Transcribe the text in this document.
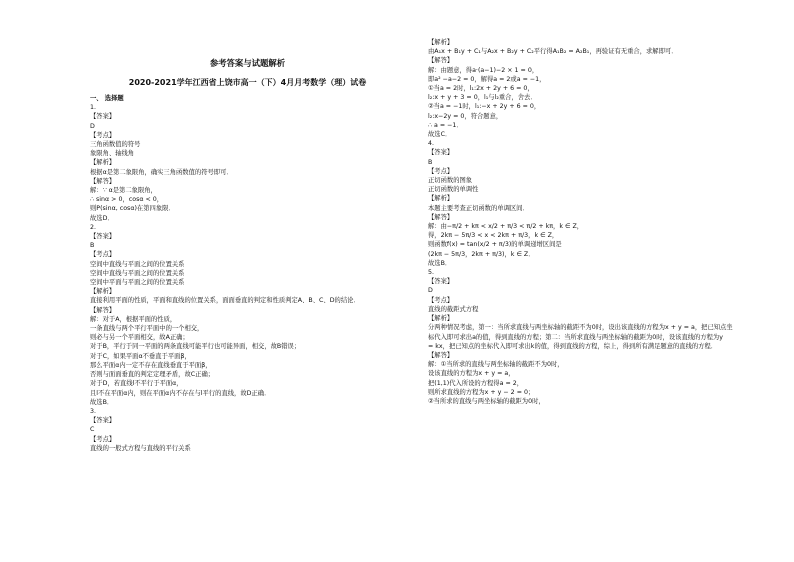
参考答案与试题解析
2020-2021学年江西省上饶市高一（下）4月月考数学（理）试卷
一、 选择题
1.
【答案】
D
【考点】
三角函数值的符号
象限角、轴线角
【解析】
根据α是第二象限角，确实三角函数值的符号即可．
【解答】
解：∵ α是第二象限角，
∴ sinα > 0，cosα < 0，
则P(sinα, cosα)在第四象限．
故选D．
2.
【答案】
B
【考点】
空间中直线与平面之间的位置关系
空间中直线与平面之间的位置关系
空间中平面与平面之间的位置关系
【解析】
直接利用平面的性质，平面和直线的位置关系，面面垂直的判定和性质判定A、B、C、D的结论．
【解答】
解：对于A，根据平面的性质，
一条直线与两个平行平面中的一个相交，
则必与另一个平面相交，故A正确；
对于B，平行于同一平面的两条直线可能平行也可能异面，相交，故B错误；
对于C，如果平面α不垂直于平面β，
那么平面α内一定不存在直线垂直于平面β，
否则与面面垂直的判定定理矛盾，故C正确；
对于D，若直线l不平行于平面α，
且l不在平面α内，则在平面α内不存在与l平行的直线，故D正确．
故选B．
3.
【答案】
C
【考点】
直线的一般式方程与直线的平行关系
【解析】
由A₁x + B₁y + C₁与A₂x + B₂y + C₂平行得A₁B₂ = A₂B₁，再验证有无重合，求解即可．
【解答】
解：由题意，得a·(a−1)−2 × 1 = 0，
即a² −a−2 = 0，解得a = 2或a = −1，
①当a = 2时，l₁:2x + 2y + 6 = 0，
l₂:x + y + 3 = 0，l₁与l₂重合，舍去．
②当a = −1时，l₁:−x + 2y + 6 = 0，
l₂:x−2y = 0，符合题意，
∴ a = −1．
故选C．
4.
【答案】
B
【考点】
正切函数的图象
正切函数的单调性
【解析】
本题主要考查正切函数的单调区间．
【解答】
解：由−π/2 + kπ < x/2 + π/3 < π/2 + kπ，k ∈ Z，
得，2kπ − 5π/3 < x < 2kπ + π/3，k ∈ Z，
则函数f(x) = tan(x/2 + π/3)的单调递增区间是
(2kπ − 5π/3，2kπ + π/3)，k ∈ Z．
故选B．
5.
【答案】
D
【考点】
直线的截距式方程
【解析】
分两种情况考虑，第一：当所求直线与两坐标轴的截距不为0时，设出该直线的方程为x + y = a，把已知点坐
标代入即可求出a的值，得到直线的方程；第二：当所求直线与两坐标轴的截距为0时，设该直线的方程为y
= kx，把已知点的坐标代入即可求出k的值，得到直线的方程，综上，得到所有满足题意的直线的方程．
【解答】
解：①当所求的直线与两坐标轴的截距不为0时，
设该直线的方程为x + y = a，
把(1,1)代入所设的方程得a = 2，
则所求直线的方程为x + y − 2 = 0；
②当所求的直线与两坐标轴的截距为0时，
